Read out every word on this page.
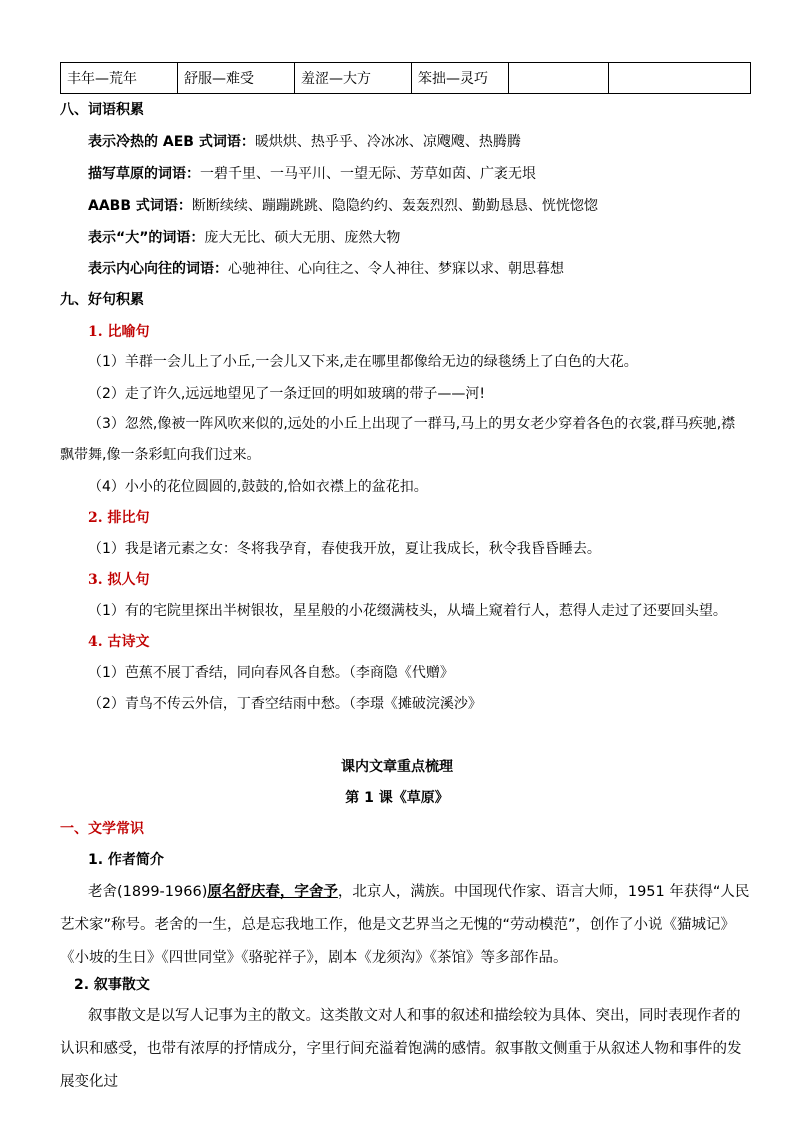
丰年—荒年	舒服—难受	羞涩—大方	笨拙—灵巧		
八、词语积累
表示冷热的 AEB 式词语：暖烘烘、热乎乎、冷冰冰、凉飕飕、热腾腾
描写草原的词语：一碧千里、一马平川、一望无际、芳草如茵、广袤无垠
AABB 式词语：断断续续、蹦蹦跳跳、隐隐约约、轰轰烈烈、勤勤恳恳、恍恍惚惚
表示“大”的词语：庞大无比、硕大无朋、庞然大物
表示内心向往的词语：心驰神往、心向往之、令人神往、梦寐以求、朝思暮想
九、好句积累
1. 比喻句
（1）羊群一会儿上了小丘,一会儿又下来,走在哪里都像给无边的绿毯绣上了白色的大花。
（2）走了许久,远远地望见了一条迂回的明如玻璃的带子——河!
（3）忽然,像被一阵风吹来似的,远处的小丘上出现了一群马,马上的男女老少穿着各色的衣裳,群马疾驰,襟
飘带舞,像一条彩虹向我们过来。
（4）小小的花位圆圆的,鼓鼓的,恰如衣襟上的盆花扣。
2. 排比句
（1）我是诸元素之女：冬将我孕育，春使我开放，夏让我成长，秋令我昏昏睡去。
3. 拟人句
（1）有的宅院里探出半树银妆，星星般的小花缀满枝头，从墙上窥着行人，惹得人走过了还要回头望。
4. 古诗文
（1）芭蕉不展丁香结，同向春风各自愁。（李商隐《代赠》
（2）青鸟不传云外信，丁香空结雨中愁。（李璟《摊破浣溪沙》
课内文章重点梳理
第 1 课《草原》
一、文学常识
1. 作者简介
老舍(1899-1966)原名舒庆春，字舍予，北京人，满族。中国现代作家、语言大师，1951 年获得“人民艺术家”称号。老舍的一生，总是忘我地工作，他是文艺界当之无愧的“劳动模范”，创作了小说《猫城记》《小坡的生日》《四世同堂》《骆驼祥子》，剧本《龙须沟》《茶馆》等多部作品。
2. 叙事散文
叙事散文是以写人记事为主的散文。这类散文对人和事的叙述和描绘较为具体、突出，同时表现作者的认识和感受，也带有浓厚的抒情成分，字里行间充溢着饱满的感情。叙事散文侧重于从叙述人物和事件的发展变化过
